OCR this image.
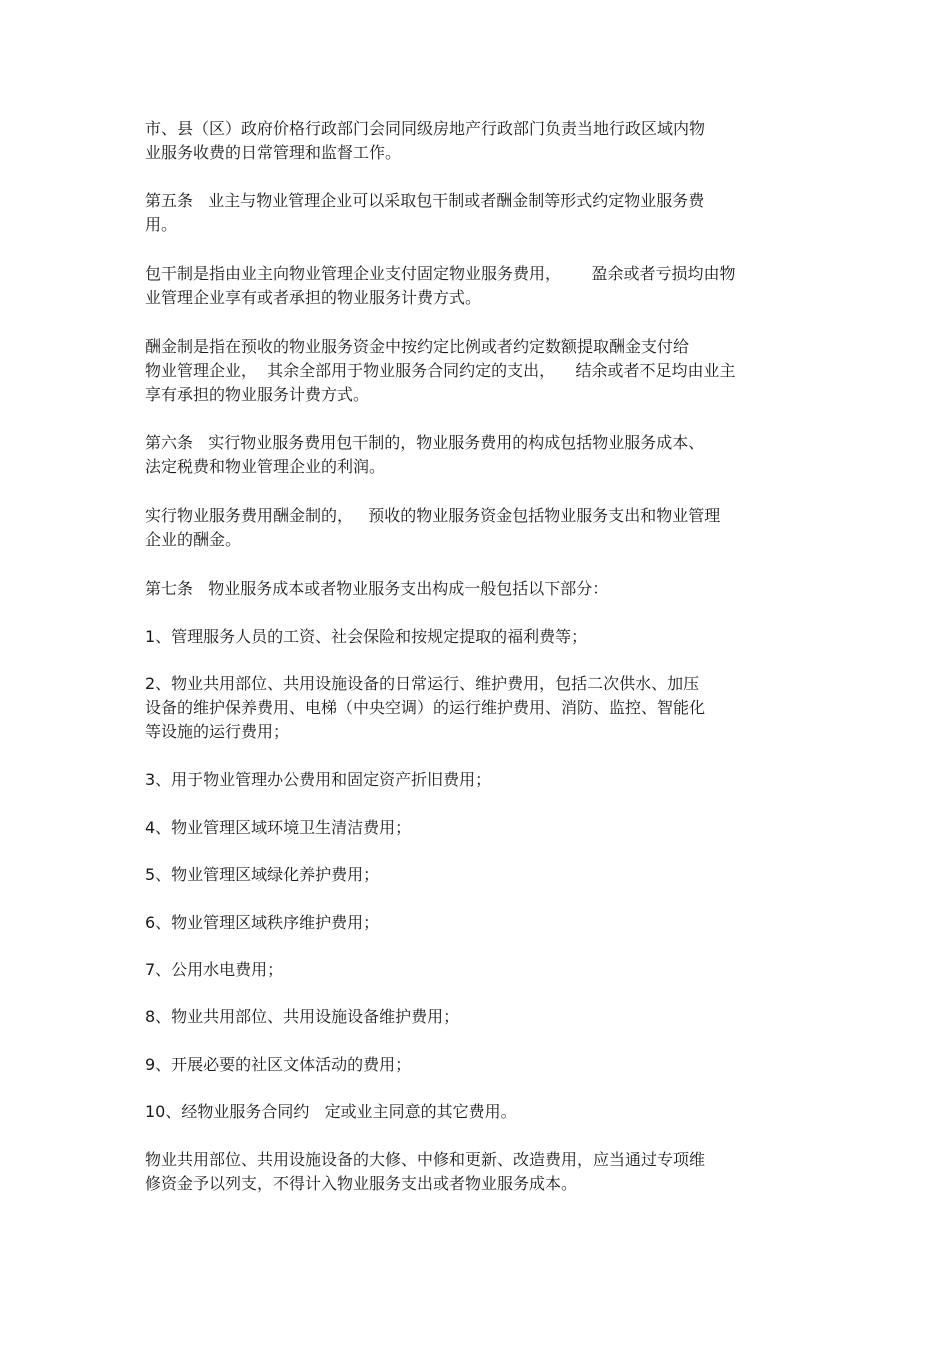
市、县（区）政府价格行政部门会同同级房地产行政部门负责当地行政区域内物
业服务收费的日常管理和监督工作。

第五条   业主与物业管理企业可以采取包干制或者酬金制等形式约定物业服务费
用。

包干制是指由业主向物业管理企业支付固定物业服务费用，      盈余或者亏损均由物
业管理企业享有或者承担的物业服务计费方式。

酬金制是指在预收的物业服务资金中按约定比例或者约定数额提取酬金支付给
物业管理企业，  其余全部用于物业服务合同约定的支出，    结余或者不足均由业主
享有承担的物业服务计费方式。

第六条   实行物业服务费用包干制的，物业服务费用的构成包括物业服务成本、
法定税费和物业管理企业的利润。

实行物业服务费用酬金制的，   预收的物业服务资金包括物业服务支出和物业管理
企业的酬金。

第七条   物业服务成本或者物业服务支出构成一般包括以下部分：

1、管理服务人员的工资、社会保险和按规定提取的福利费等；

2、物业共用部位、共用设施设备的日常运行、维护费用，包括二次供水、加压
设备的维护保养费用、电梯（中央空调）的运行维护费用、消防、监控、智能化
等设施的运行费用；

3、用于物业管理办公费用和固定资产折旧费用；

4、物业管理区域环境卫生清洁费用；

5、物业管理区域绿化养护费用；

6、物业管理区域秩序维护费用；

7、公用水电费用；

8、物业共用部位、共用设施设备维护费用；

9、开展必要的社区文体活动的费用；

10、经物业服务合同约   定或业主同意的其它费用。

物业共用部位、共用设施设备的大修、中修和更新、改造费用，应当通过专项维
修资金予以列支，不得计入物业服务支出或者物业服务成本。
